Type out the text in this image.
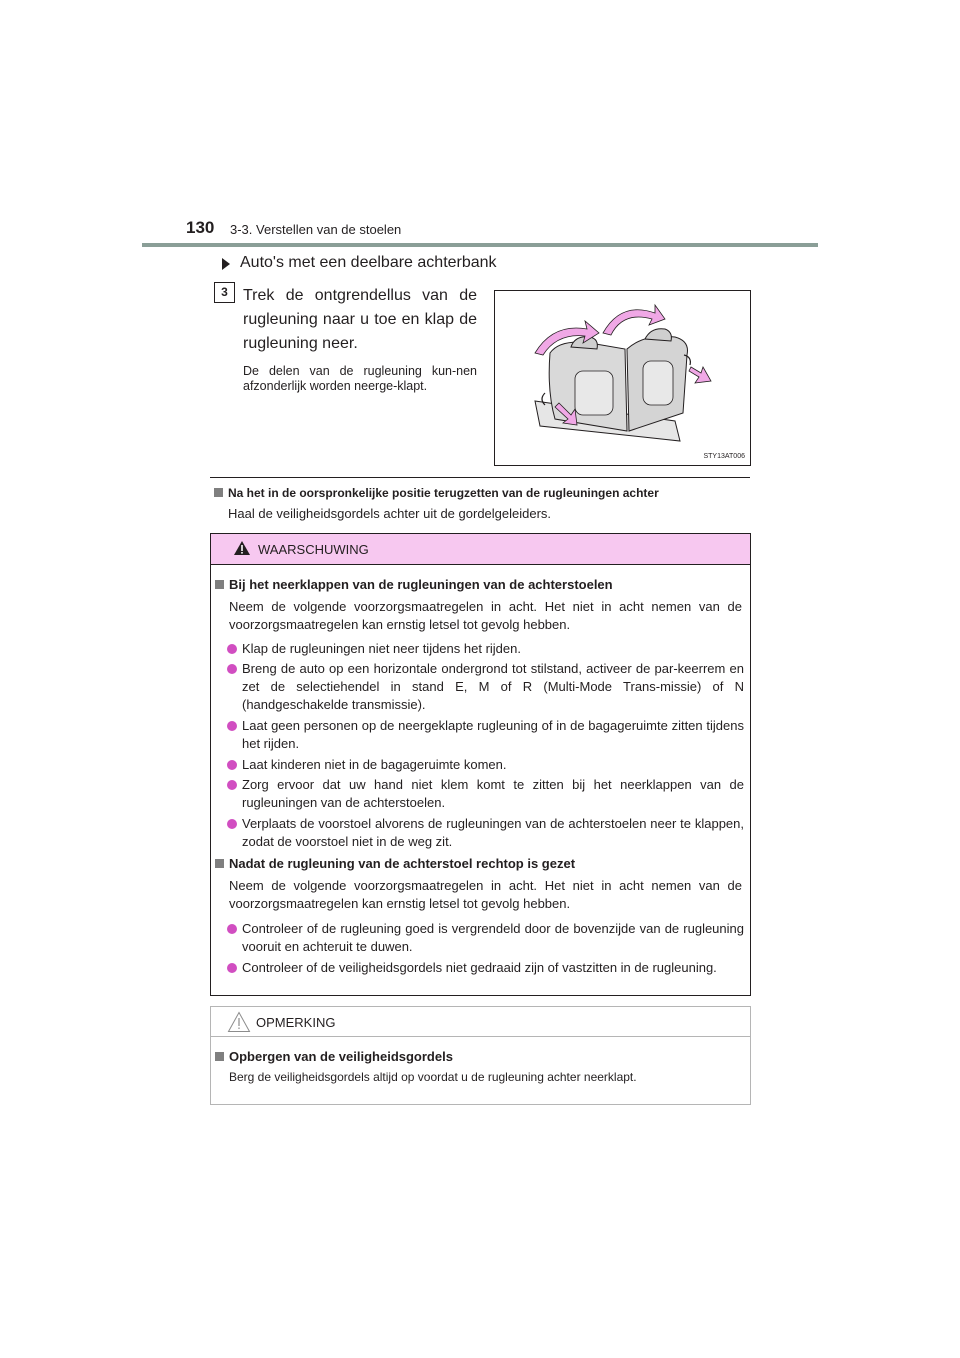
130 3-3. Verstellen van de stoelen
Auto's met een deelbare achterbank
3 Trek de ontgrendellus van de rugleuning naar u toe en klap de rugleuning neer.
De delen van de rugleuning kun-nen afzonderlijk worden neerge-klapt.
STY13AT006
Na het in de oorspronkelijke positie terugzetten van de rugleuningen achter
Haal de veiligheidsgordels achter uit de gordelgeleiders.
WAARSCHUWING
Bij het neerklappen van de rugleuningen van de achterstoelen
Neem de volgende voorzorgsmaatregelen in acht. Het niet in acht nemen van de voorzorgsmaatregelen kan ernstig letsel tot gevolg hebben.
Klap de rugleuningen niet neer tijdens het rijden.
Breng de auto op een horizontale ondergrond tot stilstand, activeer de par-keerrem en zet de selectiehendel in stand E, M of R (Multi-Mode Trans-missie) of N (handgeschakelde transmissie).
Laat geen personen op de neergeklapte rugleuning of in de bagageruimte zitten tijdens het rijden.
Laat kinderen niet in de bagageruimte komen.
Zorg ervoor dat uw hand niet klem komt te zitten bij het neerklappen van de rugleuningen van de achterstoelen.
Verplaats de voorstoel alvorens de rugleuningen van de achterstoelen neer te klappen, zodat de voorstoel niet in de weg zit.
Nadat de rugleuning van de achterstoel rechtop is gezet
Neem de volgende voorzorgsmaatregelen in acht. Het niet in acht nemen van de voorzorgsmaatregelen kan ernstig letsel tot gevolg hebben.
Controleer of de rugleuning goed is vergrendeld door de bovenzijde van de rugleuning vooruit en achteruit te duwen.
Controleer of de veiligheidsgordels niet gedraaid zijn of vastzitten in de rugleuning.
OPMERKING
Opbergen van de veiligheidsgordels
Berg de veiligheidsgordels altijd op voordat u de rugleuning achter neerklapt.
